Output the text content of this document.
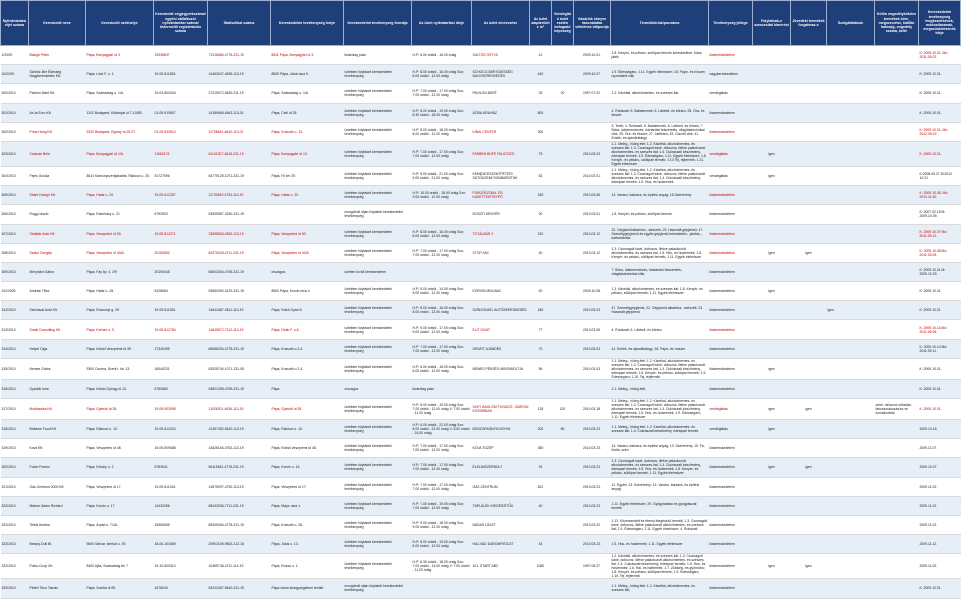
Nyilvántartási eljel száma	Kereskedő neve	Kereskedő székhelye	Kereskedő cégjegyzékszáma/ egyéni vállalkozói nyilvántartási száma/ őstermelői regisztrációs száma	Statisztikai száma	Kereskedelmi tevékenység helye	Kereskedelmi tevékenység formája	Az üzlet nyitvatartási ideje	Az üzlet elnevezése	Az üzlet alapterülete m²	Vendéglátó üzlet esetén befogadó képesség	Vásárlók könyve használatba vételének időpontja	Termékkör/ak/ponzáma	Tevékenység jellege	Folytatnak-e szeszesital kimérést	Jövedéki termékek forgalmaz-e	Szolgáltatások	Külön engedélyköteles termékek köre, megszerzése, kiállító hatóság, engedély száma, kelte	Kereskedelmi tevékenység megkezdésének, módosításának, megszüntetésének ideje
1/2009.	Balogh Péter	Pápa, Bonyagyári út 3.	19335837	71318684-4778-231-19	8511 Pápa, Bonyagyári út 3.	kizárólag piaci	H-P: 6.00 órától - 16.00 óráig	SALTOS ÓSTYA	12		2009.10.01.	1.8. Kenyér- és pékáru, sütőipari termék kereskedése: bútor, játék	kiskereskedelem					K: 2009.10.01. Mó: 2011.05.02.
10/2009.	Schnitz-Ber Édesség Nagykereskedés Kft.	Pápa, Liszt F. u. 1.	19-09-511826	14463047-4639-113-19	8500 Pápa, Jókai utca 5.	üzletben folytatott kereskedelmi tevékenység	H-P: 8.00 órától - 16.00 óráig Szo: 8.00 órától - 12.00 óráig	SCHOCO-BER ÉDESSÉG NAGYKERESKEDÉS	440		2009.10.07.	1.9. Édességáru; 1.11. Egyéb élelmiszer; 18. Papír- és írószer, nyomtatott cikk	nagykereskedelem					K: 2009.10.01.
300/2010.	Pavlion Bisht Kft.	Pápa, Szabadság u. 1/A.	19-03-500344	27215972-5630-211-19	Pápa, Szabadság u. 1/A	üzletben folytatott kereskedelmi tevékenység	H-P: 7.00 órától - 17.00 óráig Szo: 7.00 órától - 12.00 óráig	PAVILON BÜFÉ	25	20	1997.07.02.	1.2. Kávéital, alkoholmentes- és szeszes ital;	vendéglátás					K: 2009.10.01.
301/2010.	Ax-Ia Euro Kft.	1102 Budapest, Kőbányai út 7-10/3B.	01-09-910807	14189665-4643-113-01	Pápa, Celli út 25.	üzletben folytatott kereskedelmi tevékenység	H-P: 8.00 órától - 19.00 óráig Szo: 8.30 órától - 18.00 óráig	ÁZSIA ÁRUHÁZ	800			4. Ruházati; 5. Babatermék; 6. Lábbeli- és bőráru; 25. Óra- és ékszer	kiskereskedelem					K: 2009.10.01.
302/2010.	Prina Hang Kft.	2220 Budapest, Egresy út 25-27.	01-09-930910	11708481-4642-113-01	Pápa, Kossuth u. 13.	üzletben folytatott kereskedelmi tevékenység	H-P: 8.00 órától - 18.00 óráig Szo: 8.00 órától - 12.00 óráig	KÍNAI CENTER	300			3. Textil; 4. Ruházati; 5. Babatermék; 6. Lábbeli- és bőráru; 7. Bútor, lakberendezés, háztartási felszerelés, világítástechnikai cikk; 25. Óra- és ékszer; 27. Játékáru; 33. Díszítő cikk; 41. Emlék- és ajándéktárgy	kiskereskedelem					K: 2009.10.01. Mó: 2012.05.02.
303/2010.	Császár Béla	Pápa, Bonyagyári út 1/A.	11563176	61141307-4618-231-19	Pápa, Bonyagyári út 13.	üzletben folytatott kereskedelmi tevékenység	H-P: 7.00 órától - 17.00 óráig Szo: 7.00 órától - 12.00 óráig	FARBEN BÜFÉ FALATOZÓ	75		2010.03.03.	1.1. Meleg-, hideg étel; 1.2. Kávéital, alkoholmentes- és szeszes ital; 1.3. Csomagolt kávé, dobozos, illetve palackozott alkoholmentes- és szeszes ital; 1.4. Cukrászati készítmény, édesipari termék; 1.9. Édességáru; 1.11. Egyéb élelmiszer; 1.8. Kenyér- és pékáru, sütőipari termék; 1.10 Tej, tejtermék; 1.11. Egyéb élelmiszer	vendéglátás	igen				K: 2009.10.01.
304/2010.	Fejes Gusika	8614 Kamonyszentjakabfa, Rákóczi u. 25.	51727596	64779125-1071-231-19	Pápa, Fő tér 29.	üzletben folytatott kereskedelmi tevékenység	H-P: 5.00 órától - 21.00 óráig Szo: 5.00 órától - 21.00 óráig	KEMENCESZENTPÉTERI SÜTŐÜZEMI SÜNBARISTÁK	82		2010.03.01.	1.1. Meleg-, hideg étel; 1.2. Kávéital, alkoholmentes- és szeszes ital; 1.3. Csomagolt kávé, dobozos, illetve palackozott alkoholmentes- és szeszes ital; 1.4. Cukrászati készítmény, édesipari termék; 1.5. Hús- és hústermék	vendéglátás	igen				K:2008.05.27 M:2010. 10.21.
305/2010.	Shark Design Kft.	Pápa, Határ u. 20.	19-09-512287	11730549-4753-113-19	Pápa, Határ u. 20.	üzletben folytatott kereskedelmi tevékenység	H-P: 10.00 órától - 18.00 óráig Szo: 9.00 órától - 12.00 óráig	FÜRDŐSZOBA- ÉS KAKETTEKÍTEKPÓ	150		2010.03.08.	14. Vasáru, barkács, és építési anyag; 15.Szerelvény	kiskereskedelem					K: 2009.10.08. Mó: 2010.11.30.
306/2010.	Rugg László	Pápa, Esterházy u. 21.	6792500	53909587-3240-231-19		mozgóbolt útján folytatott kereskedelmi tevékenység		ROSZTI KENYÉR	20		2010.03.01.	1.8. Kenyér- és pékáru, sütőipari termék	kiskereskedelem					K: 2007.02.19 M: 2009.10.09.
307/2010.	Totálbár Autó Kft.	Pápa, Veszprémi út 50.	19-09-512271	23698563-4532-113-19	Pápa, Veszprémi út 50.	üzletben folytatott kereskedelmi tevékenység	H-P: 8.00 órától - 16.00 óráig Szo: 8.00 órától - 12.00 óráig	TOTÁLBÁR 2	210		2010.03.12.	22. Gépjárműalkatrész, -tartozék; 23. Használt gépjármű; 47. Személygépjármű és egyéb gépjármű-kereskedés, -javítás, -karbantartás	kiskereskedelem					K: 2009.10.07 Mó: 2011.05.12.
308/2010.	Szabó Gergely	Pápa, Veszprémi út 40/A.	20160892	60375349-4711-231-19	Pápa, Veszprémi út 40/A	üzletben folytatott kereskedelmi tevékenység	H-P: 7.00 órától - 17.00 óráig Szo: 7.00 órától - 12.00 óráig	STOP ABC	40		2010.03.12.	1.3. Csomagolt kávé, dobozos, illetve palackozott alkoholmentes- és szeszes ital; 1.5. Hús- és hústermék; 1.8. Kenyér- és pékáru, sütőipari termék; 1.11. Egyéb élelmiszer	kiskereskedelem	igen	igen			K: 2009.10.08 Mó: 2011.03.09.
309/2010.	Menyhárt Gábor	Pápa, Fáy ltp. 4. 2/9	20194045	66503354-4755-231-19	országos	üzleten kívüli kereskedelem						7. Bútor, lakberendezés, háztartási felszerelés, világítástechnikai cikk;	kiskereskedelem					K: 2009.10.01 M: 2009.10.29
311/2009.	Andrási Tibor	Pápa, Határ u. 28.	5128684	53680392-4120-231-19	8500 Pápa, Korvin utca 4.	üzletben folytatott kereskedelmi tevékenység	H-P: 5.00 órától - 14.00 óráig Szo: 5.00 órától - 12.00 óráig	KORVIN MINI ABC	40		2009.10.08.	1.3. Kávéital, alkoholmentes- és szeszes ital; 1.8. Kenyér- és pékáru, sütőipari termék; 1.11. Egyéb élelmiszer	kiskereskedelem	igen				K: 2009.10.01
312/2010.	Szinvaval Autó Kft.	Pápa, Rozsonyi g. 29.	19-09-511051	14641687-4511-113-19	Pápa, Kiskő Gyári 8.	üzletben folytatott kereskedelmi tevékenység	H-P: 8.00 órától - 16.00 óráig Szo: 8.00 órától - 12.00 óráig	SZÍNVONATL AUTÓKERESKEDÉS	180		2010.03.03.	47. Személygépjármű; 22. Gépjármű-alkatrész, -tartozék; 23. Használt gépjármű	kiskereskedelem			igen		K: 2009.10.01
313/2010.	Small Consulting Kft.	Pápa, Kórház u. 9.	19-09-512784	14849572-7112-113-19	Pápa, Deák F. u.6.	üzletben folytatott kereskedelmi tevékenység	H-P: 9.00 órától - 17.00 óráig Szo: 9.00 órától - 12.00 óráig	ELIT DIVAT	77		2010.03.08.	4. Ruházati; 6. Lábbeli- és bőráru	kiskereskedelem					K: 2009.10.16 Mó: 2011.06.06.
314/2010.	Hetyei Olga	Pápa, Kishid Veszprémi út 39.	17340495	65068254-4778-231-19	Pápa, Kossuth u.2-4.	üzletben folytatott kereskedelmi tevékenység	H-P: 7.00 órától - 17.00 óráig Szo: 7.00 órától - 12.00 óráig	GRAFIT AJÁNDÉK	70		2010.03.03.	41. Emlék- és ajándéktárgy; 18. Papír- és írószer	kiskereskedelem					K: 2009.10.14 Mó: 2011.09.11.
315/2010.	Nemes Gábor	9300 Csorna, Szent I. kir. 13.	16040231	62525740-1071-231-08	Pápa, Kossuth u.2-4.	üzletben folytatott kereskedelmi tevékenység	H-P: 6.00 órától - 18.00 óráig Szo: 6.00 órától - 12.00 óráig	NEMES PÉKSÉG MINTABOLTJA	96		2010.03.03.	1.1. Meleg-, hideg étel; 1.2. Kávéital, alkoholmentes- és szeszes ital; 1.3. Csomagolt kávé, dobozos, illetve palackozott alkoholmentes- és szeszes ital; 1.4. Cukrászati készítmény, édesipari termék; 1.8. Kenyér- és pékáru, sütőipari termék; 1.9. Édességáru; 1.10. Tej, tejtermék	kiskereskedelem	igen				K: 2009.10.01.
316/2010.	Gyárlók Imre	Pápa, Kishid György út 13.	6750860	53821395-4759-231-19	Pápa	országos	kizárólag piaci					1.1. Meleg-, hideg étel;	kiskereskedelem					K: 2009.10.01.
317/2010.	Mokkacska Kft.	Pápa, Gyimóti út 35.	19-09-503095	11526201-4636-113-19	Pápa, Gyimóti út 35.	üzletben folytatott kereskedelmi tevékenység	H-P: 6.00 órától - 19.00 óráig Szo: 7.00 órától - 12.00 óráig V: 7.00 órától - 11.00 óráig	SZKY BAGLÓM FOGADÓ - BÁRONI KÖZBIRBAS	128	120	2010.03.18.	1.1. Meleg-, hideg étel; 1.2. Kávéital, alkoholmentes- és szeszes ital; 1.3. Csomagolt kávé, dobozos, illetve palackozott alkoholmentes- és szeszes ital; 1.4. Cukrászati készítmény, édesipari termék; 1.5. Hús- és hústermék; 1.9. Édességáru; 1.11. Egyéb élelmiszer	vendéglátás	igen	igen		zene, műsoros előadás; táncszórakozás/sz ve szórakoztató	K: 2009.10.01.
318/2010.	Boltame Food Kft.	Pápa, Rákóczi u. 10.	19-09-512324	12457452-5610-113-19	Pápa, Rákóczi u. 10.	üzletben folytatott kereskedelmi tevékenység	H-P: 6.00 órától - 22.00 óráig Szo: 8.00 órától - 22.00 óráig V: 8.00 órától - 16.00 óráig	BOSZORKÁNYKONYHA	200	80	2010.03.23.	1.1. Meleg-, hideg étel; 1.2. Kávéital, alkoholmentes- és szeszes ital; 1.4. Cukrászati készítmény, édesipari termék	vendéglátás	igen				2009.10.16.
319/2010.	Kova Kft.	Pápa, Veszprémi út 48.	19-09-509688	14628164-4752-113-19	Pápa, Kishid Veszprémi út 48.	üzletben folytatott kereskedelmi tevékenység	H-P: 7.00 órától - 17.00 óráig Szo: 7.00 órától - 12.00 óráig	KOVA TÜZÉP	350		2010.03.23.	14. Vasáru, barkács, és építési anyag; 13. Szerelvény; 15. Fa, tűzifa, szén	kiskereskedelem					2009.11.07.
320/2010.	Fodor Ferenc	Pápa, Kőváry u. 2.	6783941	65119451-4778-231-19	Pápa, Korvin u. 15.	üzletben folytatott kereskedelmi tevékenység	H-P: 7.00 órától - 17.00 óráig Szo: 7.00 órától - 12.00 óráig	ÉLELMISZERBOLT	91		2010.03.23.	1.3. Csomagolt kávé, dobozos, illetve palackozott alkoholmentes- és szeszes ital; 1.4. Cukrászati készítmény, édesipari termék; 1.5. Hús- és hústermék; 1.8. Kenyér- és pékáru, sütőipari termék; 1.11. Egyéb élelmiszer	kiskereskedelem	igen	igen			2009.10.07.
321/2010.	Gáz-Centrum 2000 Kft.	Pápa, Veszprémi út 17.	19-09-511016	14575097-4752-113-19	Pápa, Veszprémi út 17.	üzletben folytatott kereskedelmi tevékenység	H-P: 7.00 órától - 17.00 óráig Szo: 7.00 órától - 12.00 óráig	GÁZ-CENTRUM	822		2010.03.23.	11. Egyéb; 13. Szerelvény; 14. Vasáru, barkács, és építési anyag	kiskereskedelem					2009.11.02.
322/2010.	Márton Ádám Richárd	Pápa, Korvin u. 17.	14432256	65442536-7711-231-19	Pápa, Major utca 1.	üzletben folytatott kereskedelmi tevékenység	H-P: 7.00 órától - 19.00 óráig Szo: 7.00 órától - 12.00 óráig	TÁPLÁLÉK KIEGÉSZÍTŐK	40		2010.03.23.	1.11. Egyéb élelmiszer; 29. Gyógyhatású és gyógyászati termék	kiskereskedelem					2009.11.02.
322/2010.	Teleki Andrea	Pápa, Árpád u. 71/A.	15360555	65349454-4778-231-19	Pápa, Kossuth u. 28.	üzletben folytatott kereskedelmi tevékenység	H-P: 9.00 órától - 18.00 óráig Szo: 9.00 órától - 12.00 óráig	NÁDAS ÜZLET			2010.03.20.	1.12. Közérszedett és étrend-kiegészítő termék; 1.3. Csomagolt kávé, dobozos, illetve palackozott alkoholmentes- és szeszes ital; 1.9. Édességáru; 1.11. Egyéb élelmiszer; 4. Ruházati	kiskereskedelem					2009.11.02.
323/2010.	Beauty-Dull Bt.	9600 Sárvár, Ikerkút u. 39.	18-06-104389	20902159-9602-212-18	Pápa, Jókai u. 13.	üzletben folytatott kereskedelmi tevékenység	H-P: 8.00 órától - 19.00 óráig Szo: 8.00 órától - 12.00 óráig	HAJ-VAD DAROMFIÉZLET	44		2010.03.23.	1.5. Hús- és hústermék; 1.11. Egyéb élelmiszer	kiskereskedelem					2009.11.12.
322/2010.	Polus-Coop Zrt.	8400 Ajka, Szabadság tér 7.	19-10-500314	10465746-4711-114-19	Pápa, Rozsa u. 1.	üzletben folytatott kereskedelmi tevékenység	H-P: 6.30 órától - 18.00 óráig Szo: 7.00 órától - 13.00 óráig V: 7.00 órától - 11.00 óráig	101. START ABC	1080		1997.08.27.	1.2. Kávéital, alkoholmentes- és szeszes ital; 1.3. Csomagolt kávé, dobozos, illetve palackozott alkoholmentes- és szeszes ital; 1.4. Cukrászati készítmény, édesipari termék; 1.5. Hús- és hústermék; 1.6. Hal- és haltermék; 1.7. Zöldség- és gyümölcs; 1.8. Kenyér- és pékáru, sütőipari termék; 1.9. Édességáru; 1.10. Tej, tejtermék	kiskereskedelem	igen	igen			2009.11.02.
323/2010.	Pétert Tibor Tamás	Pápa, Somlai út 69.	4476040	54222457-5610-231-19	Pápa város kisegységeiben terület	mozgóbolt útján folytatott kereskedelmi tevékenység						1.1. Meleg-, hideg étel; 1.2. Kávéital, alkoholmentes- és szeszes ital;	kiskereskedelem					K: 2009.10.01
